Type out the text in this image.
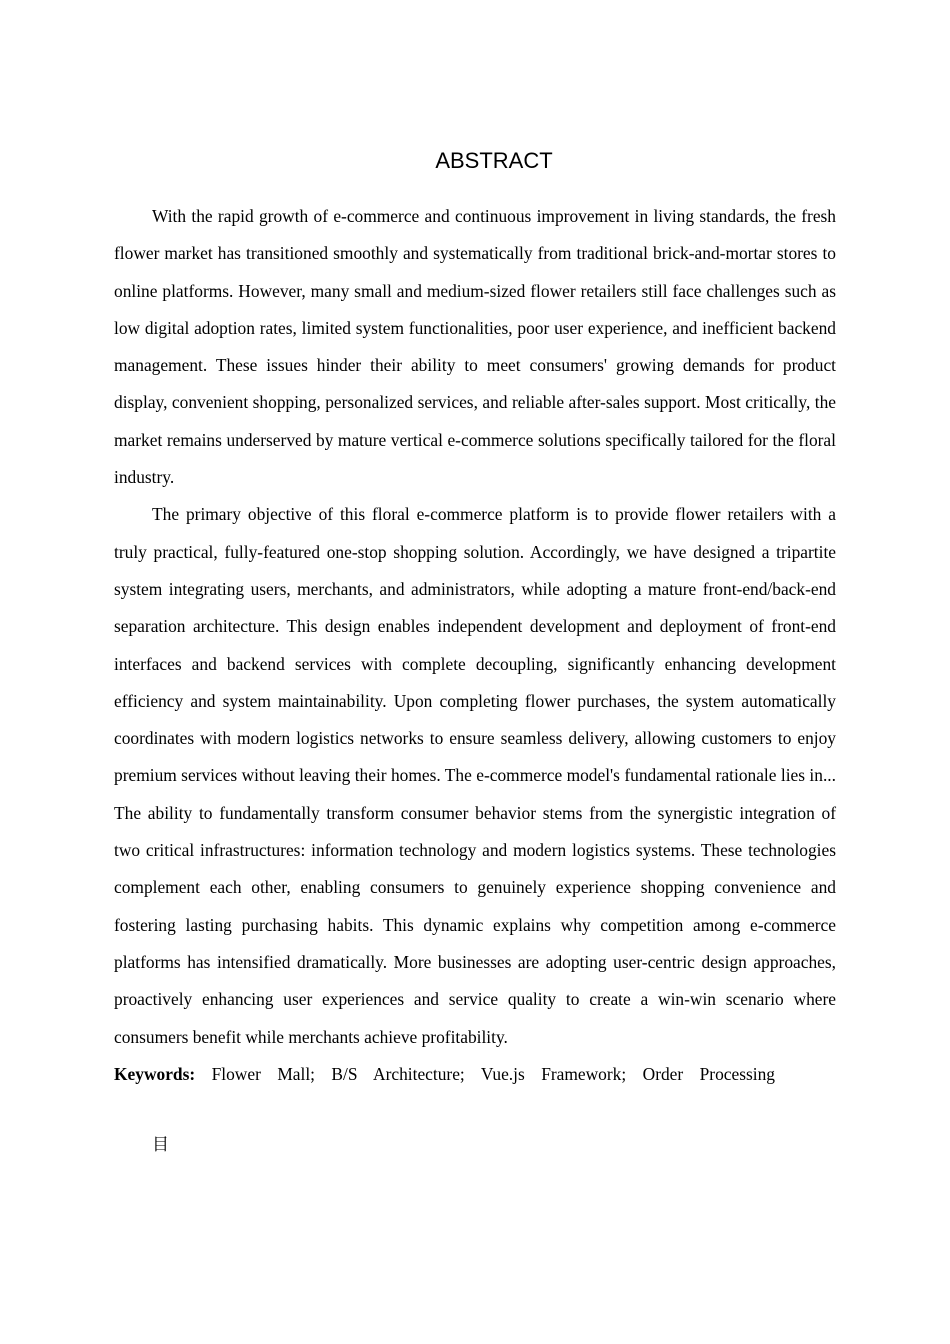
ABSTRACT

With the rapid growth of e-commerce and continuous improvement in living standards, the fresh flower market has transitioned smoothly and systematically from traditional brick-and-mortar stores to online platforms. However, many small and medium-sized flower retailers still face challenges such as low digital adoption rates, limited system functionalities, poor user experience, and inefficient backend management. These issues hinder their ability to meet consumers' growing demands for product display, convenient shopping, personalized services, and reliable after-sales support. Most critically, the market remains underserved by mature vertical e-commerce solutions specifically tailored for the floral industry.

The primary objective of this floral e-commerce platform is to provide flower retailers with a truly practical, fully-featured one-stop shopping solution. Accordingly, we have designed a tripartite system integrating users, merchants, and administrators, while adopting a mature front-end/back-end separation architecture. This design enables independent development and deployment of front-end interfaces and backend services with complete decoupling, significantly enhancing development efficiency and system maintainability. Upon completing flower purchases, the system automatically coordinates with modern logistics networks to ensure seamless delivery, allowing customers to enjoy premium services without leaving their homes. The e-commerce model's fundamental rationale lies in... The ability to fundamentally transform consumer behavior stems from the synergistic integration of two critical infrastructures: information technology and modern logistics systems. These technologies complement each other, enabling consumers to genuinely experience shopping convenience and fostering lasting purchasing habits. This dynamic explains why competition among e-commerce platforms has intensified dramatically. More businesses are adopting user-centric design approaches, proactively enhancing user experiences and service quality to create a win-win scenario where consumers benefit while merchants achieve profitability.

Keywords: Flower Mall; B/S Architecture; Vue.js Framework; Order Processing

目
